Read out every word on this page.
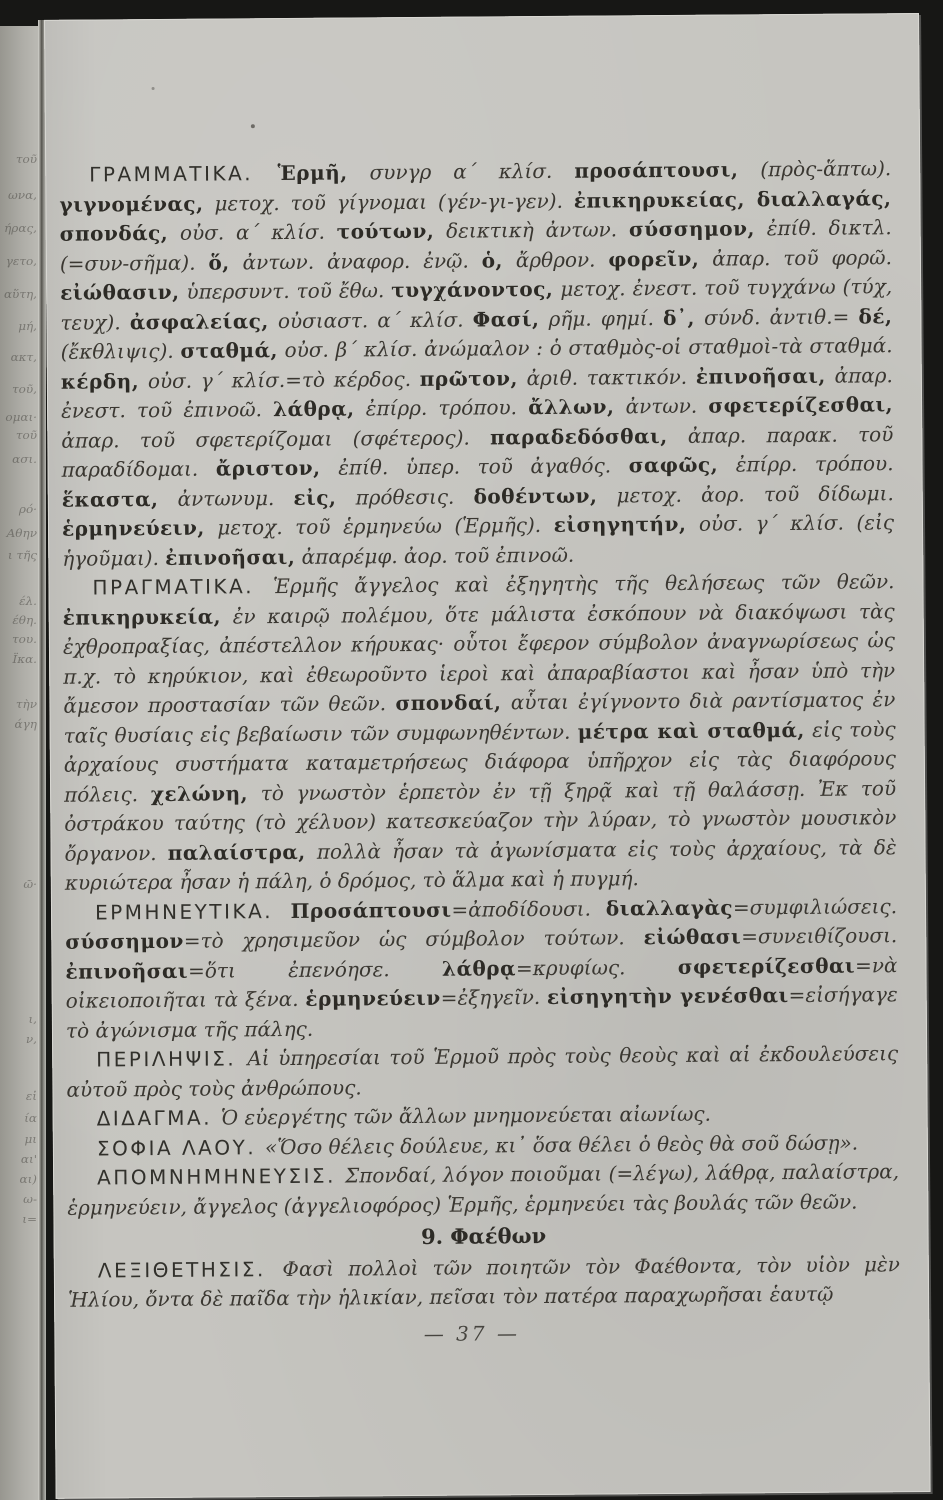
τοῦ
ωνα,
ήρας,
γετο,
αὕτη,
μή,
ακτ,
τοῦ,
ομαι·
τοῦ
ασι.
ρό·
Αθην
ι τῆς
έλ.
έθη.
του.
Ϊκα.
τὴν
άγη
ῶ·
ι,
ν,
εἰ
ία
μι
αι'
αι)
ω-
ι=

ΓΡΑΜΜΑΤΙΚΑ. Ἑρμῆ, συνγρ α΄ κλίσ. προσάπτουσι, (πρὸς-ἅπτω). γιγνομένας, μετοχ. τοῦ γίγνομαι (γέν-γι-γεν). ἐπικηρυκείας, διαλλαγάς, σπονδάς, οὐσ. α΄ κλίσ. τούτων, δεικτικὴ ἀντων. σύσσημον, ἐπίθ. δικτλ. (=συν-σῆμα). ὅ, ἀντων. ἀναφορ. ἐνῷ. ὁ, ἄρθρον. φορεῖν, ἀπαρ. τοῦ φορῶ. εἰώθασιν, ὑπερσυντ. τοῦ ἔθω. τυγχάνοντος, μετοχ. ἐνεστ. τοῦ τυγχάνω (τύχ, τευχ). ἀσφαλείας, οὐσιαστ. α΄ κλίσ. Φασί, ρῆμ. φημί. δ᾽, σύνδ. ἀντιθ.= δέ, (ἔκθλιψις). σταθμά, οὐσ. β΄ κλίσ. ἀνώμαλον : ὁ σταθμὸς-οἱ σταθμοὶ-τὰ σταθμά. κέρδη, οὐσ. γ΄ κλίσ.=τὸ κέρδος. πρῶτον, ἀριθ. τακτικόν. ἐπινοῆσαι, ἀπαρ. ἐνεστ. τοῦ ἐπινοῶ. λάθρᾳ, ἐπίρρ. τρόπου. ἄλλων, ἀντων. σφετερίζεσθαι, ἀπαρ. τοῦ σφετερίζομαι (σφέτερος). παραδεδόσθαι, ἀπαρ. παρακ. τοῦ παραδίδομαι. ἄριστον, ἐπίθ. ὑπερ. τοῦ ἀγαθός. σαφῶς, ἐπίρρ. τρόπου. ἕκαστα, ἀντωνυμ. εἰς, πρόθεσις. δοθέντων, μετοχ. ἀορ. τοῦ δίδωμι. ἑρμηνεύειν, μετοχ. τοῦ ἑρμηνεύω (Ἑρμῆς). εἰσηγητήν, οὐσ. γ΄ κλίσ. (εἰς ἡγοῦμαι). ἐπινοῆσαι, ἀπαρέμφ. ἀορ. τοῦ ἐπινοῶ.

ΠΡΑΓΜΑΤΙΚΑ. Ἑρμῆς ἄγγελος καὶ ἐξηγητὴς τῆς θελήσεως τῶν θεῶν. ἐπικηρυκεία, ἐν καιρῷ πολέμου, ὅτε μάλιστα ἐσκόπουν νὰ διακόψωσι τὰς ἐχθροπραξίας, ἀπέστελλον κήρυκας· οὗτοι ἔφερον σύμβολον ἀναγνωρίσεως ὡς π.χ. τὸ κηρύκιον, καὶ ἐθεωροῦντο ἱεροὶ καὶ ἀπαραβίαστοι καὶ ἦσαν ὑπὸ τὴν ἄμεσον προστασίαν τῶν θεῶν. σπονδαί, αὗται ἐγίγνοντο διὰ ραντίσματος ἐν ταῖς θυσίαις εἰς βεβαίωσιν τῶν συμφωνηθέντων. μέτρα καὶ σταθμά, εἰς τοὺς ἀρχαίους συστήματα καταμετρήσεως διάφορα ὑπῆρχον εἰς τὰς διαφόρους πόλεις. χελώνη, τὸ γνωστὸν ἑρπετὸν ἐν τῇ ξηρᾷ καὶ τῇ θαλάσσῃ. Ἐκ τοῦ ὀστράκου ταύτης (τὸ χέλυον) κατεσκεύαζον τὴν λύραν, τὸ γνωστὸν μουσικὸν ὄργανον. παλαίστρα, πολλὰ ἦσαν τὰ ἀγωνίσματα εἰς τοὺς ἀρχαίους, τὰ δὲ κυριώτερα ἦσαν ἡ πάλη, ὁ δρόμος, τὸ ἅλμα καὶ ἡ πυγμή.

ΕΡΜΗΝΕΥΤΙΚΑ. Προσάπτουσι=ἀποδίδουσι. διαλλαγὰς=συμφιλιώσεις. σύσσημον=τὸ χρησιμεῦον ὡς σύμβολον τούτων. εἰώθασι=συνειθίζουσι. ἐπινοῆσαι=ὅτι ἐπενόησε. λάθρᾳ=κρυφίως. σφετερίζεσθαι=νὰ οἰκειοποιῆται τὰ ξένα. ἑρμηνεύειν=ἐξηγεῖν. εἰσηγητὴν γενέσθαι=εἰσήγαγε τὸ ἀγώνισμα τῆς πάλης.

ΠΕΡΙΛΗΨΙΣ. Αἱ ὑπηρεσίαι τοῦ Ἑρμοῦ πρὸς τοὺς θεοὺς καὶ αἱ ἐκδουλεύσεις αὐτοῦ πρὸς τοὺς ἀνθρώπους.

ΔΙΔΑΓΜΑ. Ὁ εὐεργέτης τῶν ἄλλων μνημονεύεται αἰωνίως.

ΣΟΦΙΑ ΛΑΟΥ. «Ὅσο θέλεις δούλευε, κι᾽ ὅσα θέλει ὁ θεὸς θὰ σοῦ δώσῃ».

ΑΠΟΜΝΗΜΗΝΕΥΣΙΣ. Σπονδαί, λόγον ποιοῦμαι (=λέγω), λάθρᾳ, παλαίστρα, ἑρμηνεύειν, ἄγγελος (ἀγγελιοφόρος) Ἑρμῆς, ἑρμηνεύει τὰς βουλάς τῶν θεῶν.

9. Φαέθων

ΛΕΞΙΘΕΤΗΣΙΣ. Φασὶ πολλοὶ τῶν ποιητῶν τὸν Φαέθοντα, τὸν υἱὸν μὲν Ἡλίου, ὄντα δὲ παῖδα τὴν ἡλικίαν, πεῖσαι τὸν πατέρα παραχωρῆσαι ἑαυτῷ

— 37 —
